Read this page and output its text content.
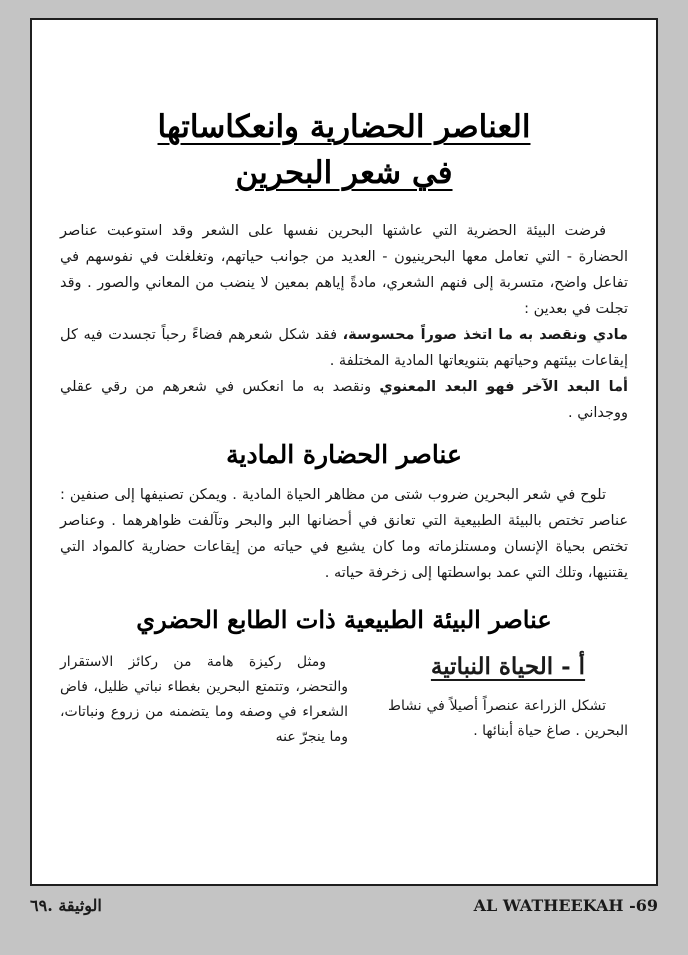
العناصر الحضارية وانعكاساتها
في شعر البحرين

فرضت البيئة الحضرية التي عاشتها البحرين نفسها على الشعر وقد استوعبت عناصر الحضارة - التي تعامل معها البحرينيون - العديد من جوانب حياتهم، وتغلغلت في نفوسهم في تفاعل واضح، متسربة إلى فنهم الشعري، مادةً إياهم بمعين لا ينضب من المعاني والصور . وقد تجلت في بعدين :

مادي ونقصد به ما اتخذ صوراً محسوسة، فقد شكل شعرهم فضاءً رحباً تجسدت فيه كل إيقاعات بيئتهم وحياتهم بتنويعاتها المادية المختلفة .

أما البعد الآخر فهو البعد المعنوي ونقصد به ما انعكس في شعرهم من رقي عقلي ووجداني .

عناصر الحضارة المادية

تلوح في شعر البحرين ضروب شتى من مظاهر الحياة المادية . ويمكن تصنيفها إلى صنفين : عناصر تختص بالبيئة الطبيعية التي تعانق في أحضانها البر والبحر وتآلفت ظواهرهما . وعناصر تختص بحياة الإنسان ومستلزماته وما كان يشيع في حياته من إيقاعات حضارية كالمواد التي يقتنيها، وتلك التي عمد بواسطتها إلى زخرفة حياته .

عناصر البيئة الطبيعية ذات الطابع الحضري
أ - الحياة النباتية

تشكل الزراعة عنصراً أصيلاً في نشاط البحرين . صاغ حياة أبنائها .

ومثل ركيزة هامة من ركائز الاستقرار والتحضر، وتتمتع البحرين بغطاء نباتي ظليل، فاض الشعراء في وصفه وما يتضمنه من زروع ونباتات، وما ينجرّ عنه

AL WATHEEKAH -69
الوثيقة .٦٩
